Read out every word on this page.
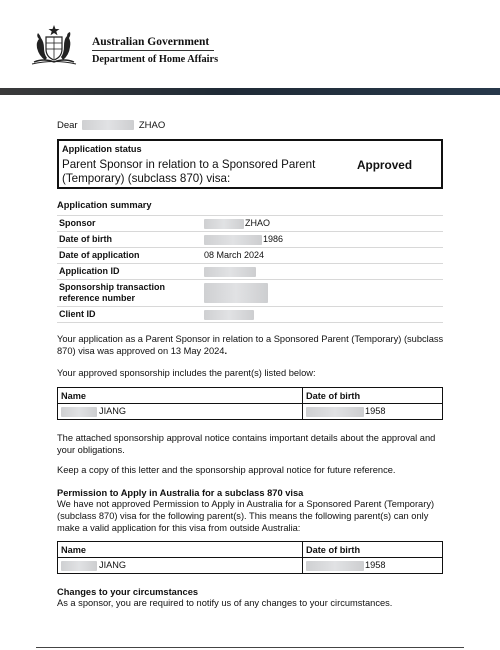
Australian Government
Department of Home Affairs
Dear	ZHAO
Application status
Parent Sponsor in relation to a Sponsored Parent (Temporary) (subclass 870) visa:
Approved
Application summary
Sponsor	ZHAO
Date of birth	1986
Date of application	08 March 2024
Application ID
Sponsorship transaction reference number
Client ID
Your application as a Parent Sponsor in relation to a Sponsored Parent (Temporary) (subclass 870) visa was approved on 13 May 2024.
Your approved sponsorship includes the parent(s) listed below:
Name	Date of birth
JIANG	1958
The attached sponsorship approval notice contains important details about the approval and your obligations.
Keep a copy of this letter and the sponsorship approval notice for future reference.
Permission to Apply in Australia for a subclass 870 visa
We have not approved Permission to Apply in Australia for a Sponsored Parent (Temporary) (subclass 870) visa for the following parent(s). This means the following parent(s) can only make a valid application for this visa from outside Australia:
Name	Date of birth
JIANG	1958
Changes to your circumstances
As a sponsor, you are required to notify us of any changes to your circumstances.
